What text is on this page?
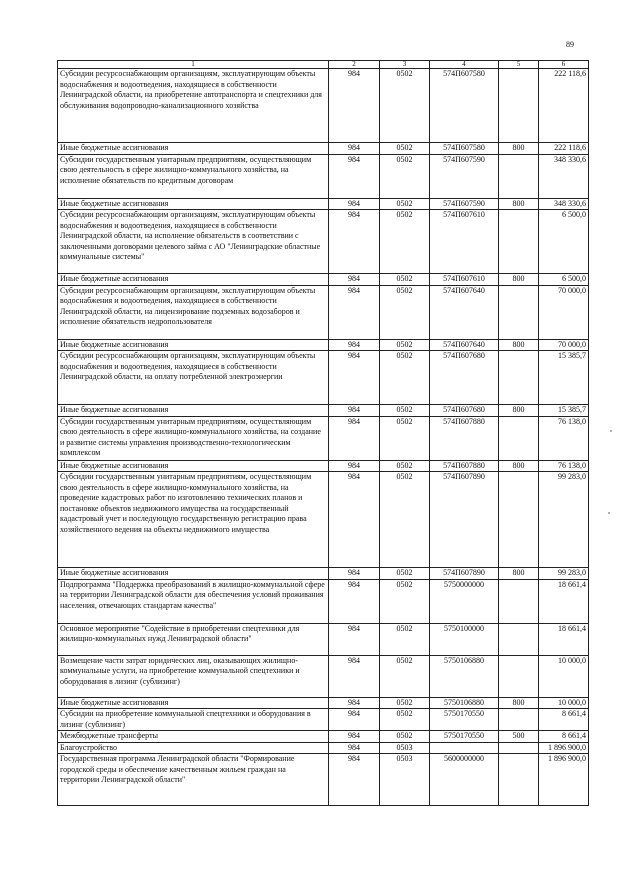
89
1	2	3	4	5	6
Субсидии ресурсоснабжающим организациям, эксплуатирующим объекты водоснабжения и водоотведения, находящиеся в собственности Ленинградской области, на приобретение автотранспорта и спецтехники для обслуживания водопроводно-канализационного хозяйства	984	0502	574П607580		222 118,6
Иные бюджетные ассигнования	984	0502	574П607580	800	222 118,6
Субсидии государственным унитарным предприятиям, осуществляющим свою деятельность в сфере жилищно-коммунального хозяйства, на исполнение обязательств по кредитным договорам	984	0502	574П607590		348 330,6
Иные бюджетные ассигнования	984	0502	574П607590	800	348 330,6
Субсидии ресурсоснабжающим организациям, эксплуатирующим объекты водоснабжения и водоотведения, находящиеся в собственности Ленинградской области, на исполнение обязательств в соответствии с заключенными договорами целевого займа с АО "Ленинградские областные коммунальные системы"	984	0502	574П607610		6 500,0
Иные бюджетные ассигнования	984	0502	574П607610	800	6 500,0
Субсидии ресурсоснабжающим организациям, эксплуатирующим объекты водоснабжения и водоотведения, находящиеся в собственности Ленинградской области, на лицензирование подземных водозаборов и исполнение обязательств недропользователя	984	0502	574П607640		70 000,0
Иные бюджетные ассигнования	984	0502	574П607640	800	70 000,0
Субсидии ресурсоснабжающим организациям, эксплуатирующим объекты водоснабжения и водоотведения, находящиеся в собственности Ленинградской области, на оплату потребленной электроэнергии	984	0502	574П607680		15 385,7
Иные бюджетные ассигнования	984	0502	574П607680	800	15 385,7
Субсидии государственным унитарным предприятиям, осуществляющим свою деятельность в сфере жилищно-коммунального хозяйства, на создание и развитие системы управления производственно-технологическим комплексом	984	0502	574П607880		76 138,0
Иные бюджетные ассигнования	984	0502	574П607880	800	76 138,0
Субсидии государственным унитарным предприятиям, осуществляющим свою деятельность в сфере жилищно-коммунального хозяйства, на проведение кадастровых работ по изготовлению технических планов и постановке объектов недвижимого имущества на государственный кадастровый учет и последующую государственную регистрацию права хозяйственного ведения на объекты недвижимого имущества	984	0502	574П607890		99 283,0
Иные бюджетные ассигнования	984	0502	574П607890	800	99 283,0
Подпрограмма "Поддержка преобразований в жилищно-коммунальной сфере на территории Ленинградской области для обеспечения условий проживания населения, отвечающих стандартам качества"	984	0502	5750000000		18 661,4
Основное мероприятие "Содействие в приобретении спецтехники для жилищно-коммунальных нужд Ленинградской области"	984	0502	5750100000		18 661,4
Возмещение части затрат юридических лиц, оказывающих жилищно-коммунальные услуги, на приобретение коммунальной спецтехники и оборудования в лизинг (сублизинг)	984	0502	5750106880		10 000,0
Иные бюджетные ассигнования	984	0502	5750106880	800	10 000,0
Субсидии на приобретение коммунальной спецтехники и оборудования в лизинг (сублизинг)	984	0502	5750170550		8 661,4
Межбюджетные трансферты	984	0502	5750170550	500	8 661,4
Благоустройство	984	0503			1 896 900,0
Государственная программа Ленинградской области "Формирование городской среды и обеспечение качественным жильем граждан на территории Ленинградской области"	984	0503	5600000000		1 896 900,0
